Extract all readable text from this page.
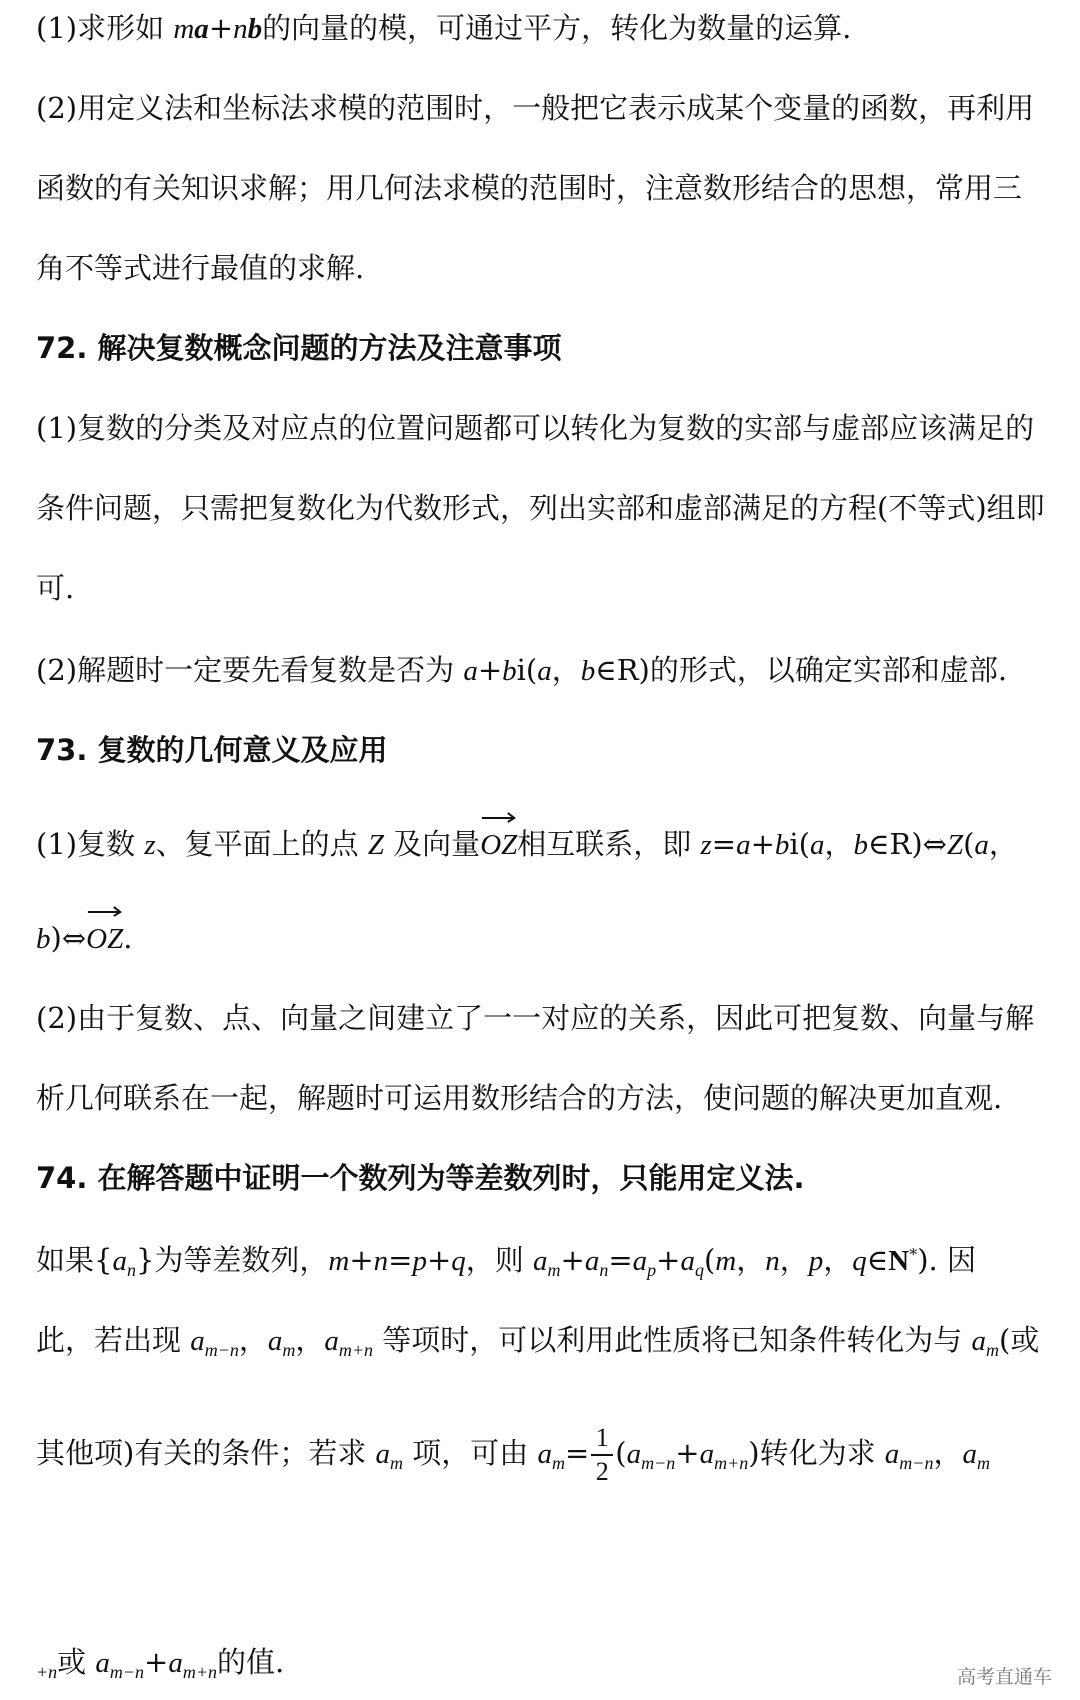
(1)求形如 ma+nb的向量的模，可通过平方，转化为数量的运算.
(2)用定义法和坐标法求模的范围时，一般把它表示成某个变量的函数，再利用
函数的有关知识求解；用几何法求模的范围时，注意数形结合的思想，常用三
角不等式进行最值的求解.
72. 解决复数概念问题的方法及注意事项
(1)复数的分类及对应点的位置问题都可以转化为复数的实部与虚部应该满足的
条件问题，只需把复数化为代数形式，列出实部和虚部满足的方程(不等式)组即
可.
(2)解题时一定要先看复数是否为 a+bi(a，b∈R)的形式，以确定实部和虚部.
73. 复数的几何意义及应用
(1)复数 z、复平面上的点 Z 及向量OZ
相互联系，即 z=a+bi(a，b∈R)⇔Z(a，
b)⇔OZ
.
(2)由于复数、点、向量之间建立了一一对应的关系，因此可把复数、向量与解
析几何联系在一起，解题时可运用数形结合的方法，使问题的解决更加直观.
74. 在解答题中证明一个数列为等差数列时，只能用定义法.
如果$\{a_n\}$为等差数列，m+n=p+q，则 $a_m+a_n=a_p+a_q(m$，n，p，q∈N*). 因
此，若出现 $a_{m-n}$，$a_m$，$a_{m+n}$ 等项时，可以利用此性质将已知条件转化为与 $a_m$(或
其他项)有关的条件；若求 $a_m$ 项，可由 $a_m= \frac{1}{2} (a_{m-n}+a_{m+n})$转化为求 $a_{m-n}$，$a_m$
$_{+n}$或 $a_{m-n}+a_{m+n}$的值.	高考直通车
